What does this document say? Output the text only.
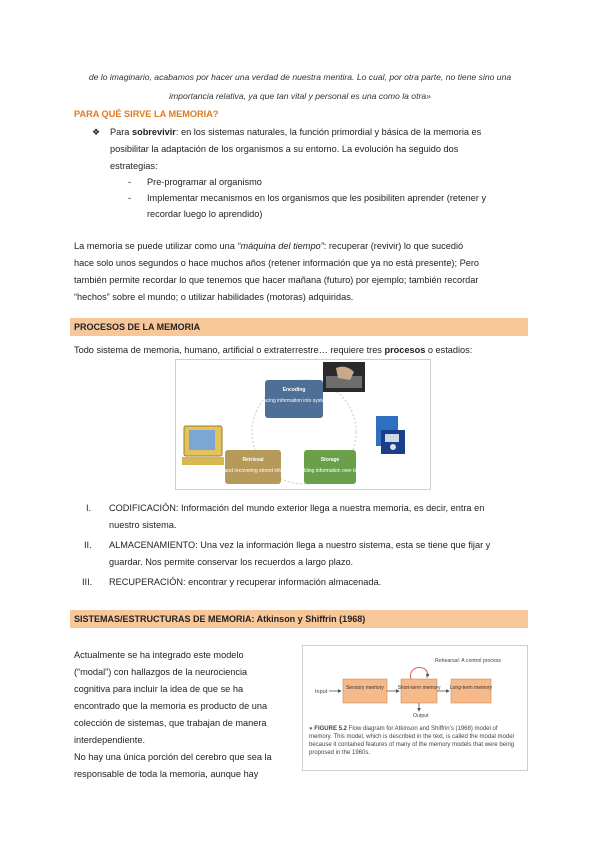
de lo imaginario, acabamos por hacer una verdad de nuestra mentira. Lo cual, por otra parte, no tiene sino una
importancia relativa, ya que tan vital y personal es una como la otra»
PARA QUÉ SIRVE LA MEMORIA?
❖ Para sobrevivir: en los sistemas naturales, la función primordial y básica de la memoria es
posibilitar la adaptación de los organismos a su entorno. La evolución ha seguido dos
estrategias:
- Pre-programar al organismo
- Implementar mecanismos en los organismos que les posibiliten aprender (retener y
recordar luego lo aprendido)
La memoria se puede utilizar como una “máquina del tiempo”: recuperar (revivir) lo que sucedió
hace solo unos segundos o hace muchos años (retener información que ya no está presente); Pero
también permite recordar lo que tenemos que hacer mañana (futuro) por ejemplo; también recordar
“hechos” sobre el mundo; o utilizar habilidades (motoras) adquiridas.
PROCESOS DE LA MEMORIA
Todo sistema de memoria, humano, artificial o extraterrestre… requiere tres procesos o estadios:
Encoding
(Placing information into system)
Storage
(Holding information over time)
Retrieval
(Finding and recovering stored information)
I. CODIFICACIÓN: Información del mundo exterior llega a nuestra memoria, es decir, entra en
nuestro sistema.
II. ALMACENAMIENTO: Una vez la información llega a nuestro sistema, esta se tiene que fijar y
guardar. Nos permite conservar los recuerdos a largo plazo.
III. RECUPERACIÓN: encontrar y recuperar información almacenada.
SISTEMAS/ESTRUCTURAS DE MEMORIA: Atkinson y Shiffrin (1968)
Actualmente se ha integrado este modelo
(“modal”) con hallazgos de la neurociencia
cognitiva para incluir la idea de que se ha
encontrado que la memoria es producto de una
colección de sistemas, que trabajan de manera
interdependiente.
No hay una única porción del cerebro que sea la
responsable de toda la memoria, aunque hay
Input
Sensory memory	Short-term memory Long-term memory
Rehearsal: A control process
Output
● FIGURE 5.2 Flow diagram for Atkinson and Shiffrin’s (1968) model of memory. This model, which is described in the text, is called the modal model because it contained features of many of the memory models that were being proposed in the 1960s.
